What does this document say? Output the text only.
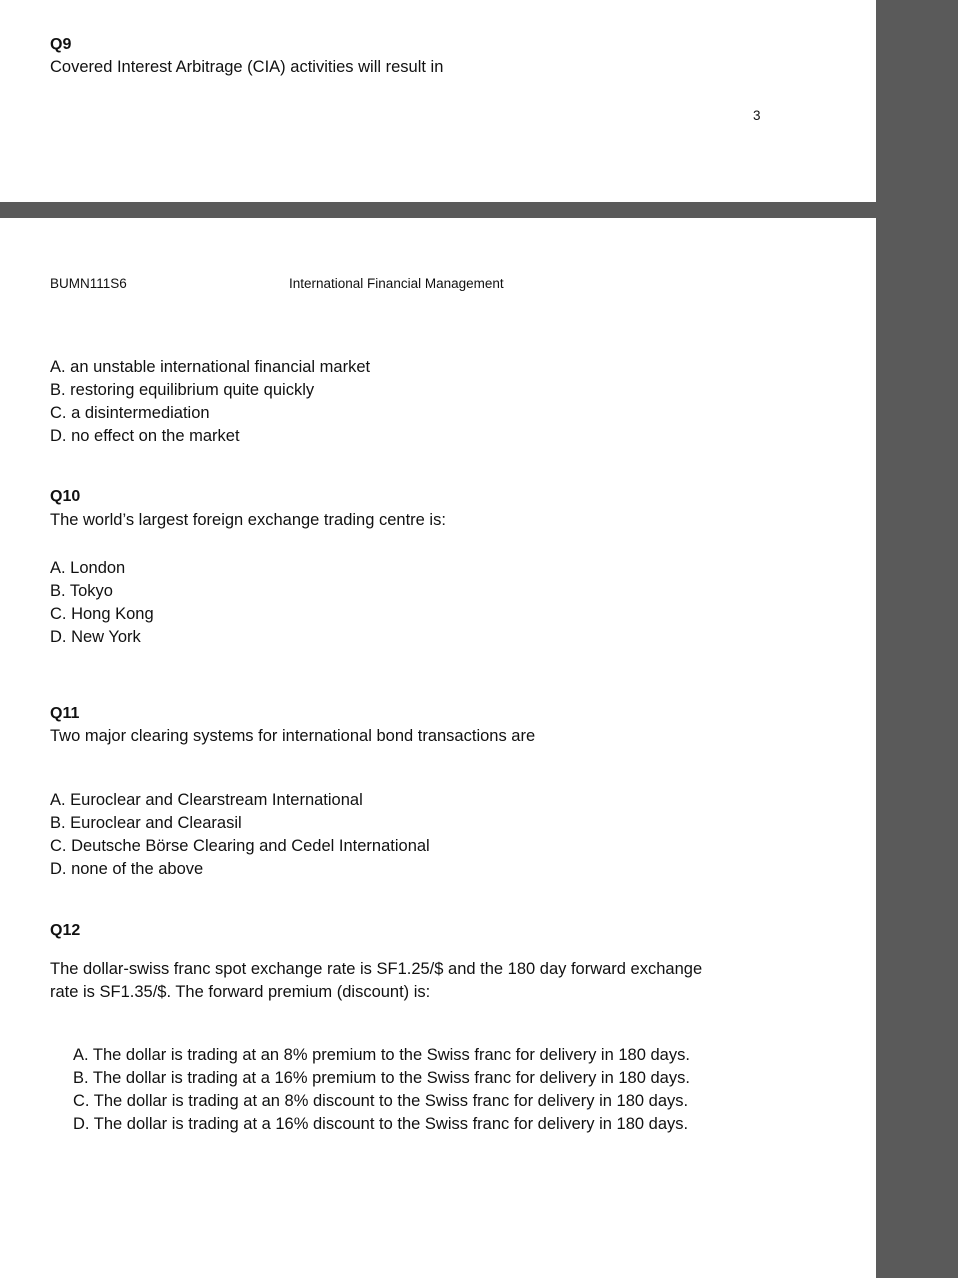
Q9
Covered Interest Arbitrage (CIA) activities will result in
3
BUMN111S6	International Financial Management
A. an unstable international financial market
B. restoring equilibrium quite quickly
C. a disintermediation
D. no effect on the market
Q10
The world’s largest foreign exchange trading centre is:
A. London
B. Tokyo
C. Hong Kong
D. New York
Q11
Two major clearing systems for international bond transactions are
A. Euroclear and Clearstream International
B. Euroclear and Clearasil
C. Deutsche Börse Clearing and Cedel International
D. none of the above
Q12
The dollar-swiss franc spot exchange rate is SF1.25/$ and the 180 day forward exchange
rate is SF1.35/$. The forward premium (discount) is:
A. The dollar is trading at an 8% premium to the Swiss franc for delivery in 180 days.
B. The dollar is trading at a 16% premium to the Swiss franc for delivery in 180 days.
C. The dollar is trading at an 8% discount to the Swiss franc for delivery in 180 days.
D. The dollar is trading at a 16% discount to the Swiss franc for delivery in 180 days.
